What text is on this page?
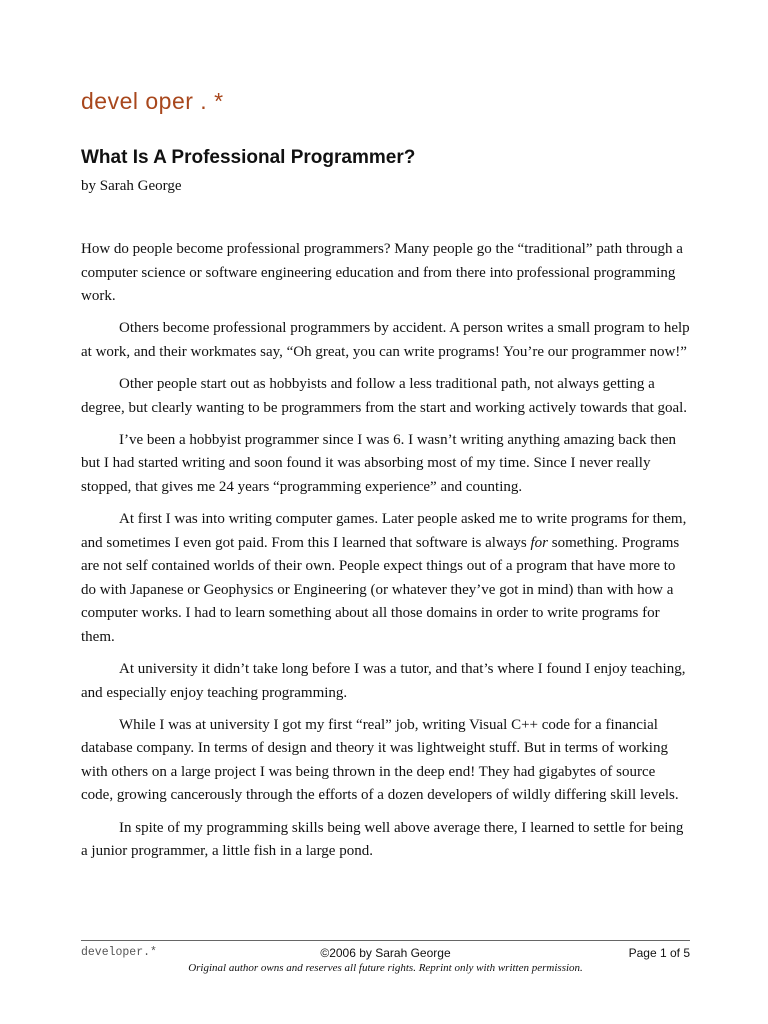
devel oper . *
What Is A Professional Programmer?
by Sarah George

How do people become professional programmers? Many people go the “traditional” path through a computer science or software engineering education and from there into professional programming work.

Others become professional programmers by accident. A person writes a small program to help at work, and their workmates say, “Oh great, you can write programs! You’re our programmer now!”

Other people start out as hobbyists and follow a less traditional path, not always getting a degree, but clearly wanting to be programmers from the start and working actively towards that goal.

I’ve been a hobbyist programmer since I was 6. I wasn’t writing anything amazing back then but I had started writing and soon found it was absorbing most of my time. Since I never really stopped, that gives me 24 years “programming experience” and counting.

At first I was into writing computer games. Later people asked me to write programs for them, and sometimes I even got paid. From this I learned that software is always for something. Programs are not self contained worlds of their own. People expect things out of a program that have more to do with Japanese or Geophysics or Engineering (or whatever they’ve got in mind) than with how a computer works. I had to learn something about all those domains in order to write programs for them.

At university it didn’t take long before I was a tutor, and that’s where I found I enjoy teaching, and especially enjoy teaching programming.

While I was at university I got my first “real” job, writing Visual C++ code for a financial database company. In terms of design and theory it was lightweight stuff. But in terms of working with others on a large project I was being thrown in the deep end! They had gigabytes of source code, growing cancerously through the efforts of a dozen developers of wildly differing skill levels.

In spite of my programming skills being well above average there, I learned to settle for being a junior programmer, a little fish in a large pond.

developer.*	©2006 by Sarah George	Page 1 of 5
Original author owns and reserves all future rights. Reprint only with written permission.
